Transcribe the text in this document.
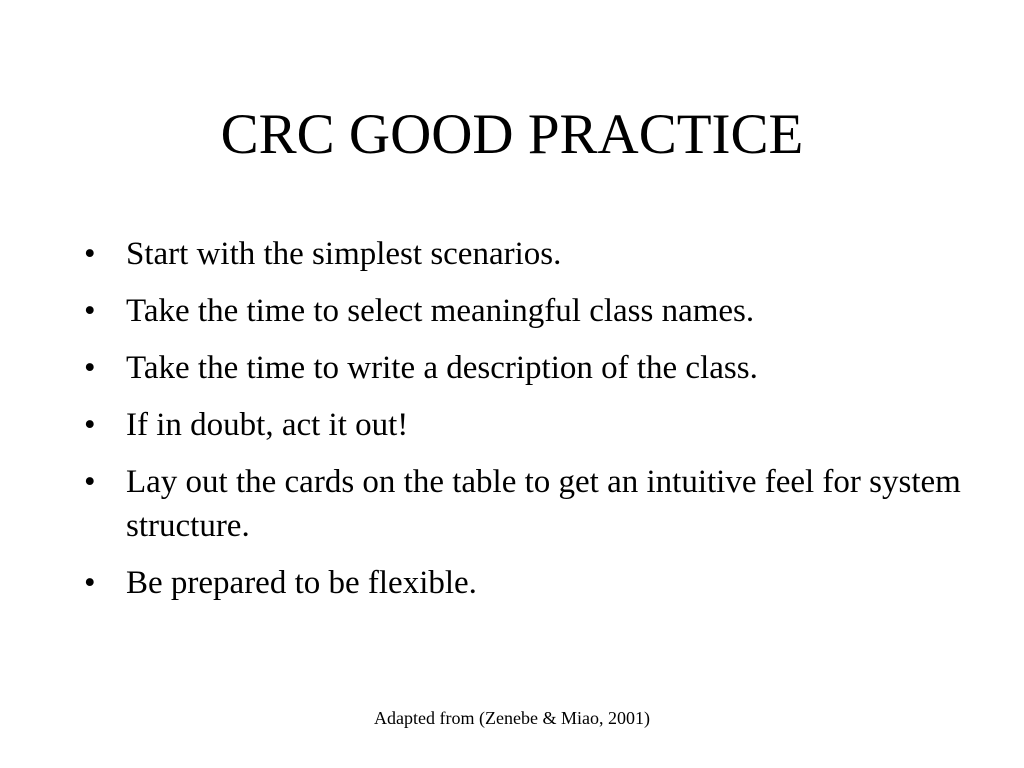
CRC GOOD PRACTICE
• Start with the simplest scenarios.
• Take the time to select meaningful class names.
• Take the time to write a description of the class.
• If in doubt, act it out!
• Lay out the cards on the table to get an intuitive feel for system structure.
• Be prepared to be flexible.
Adapted from (Zenebe & Miao, 2001)
